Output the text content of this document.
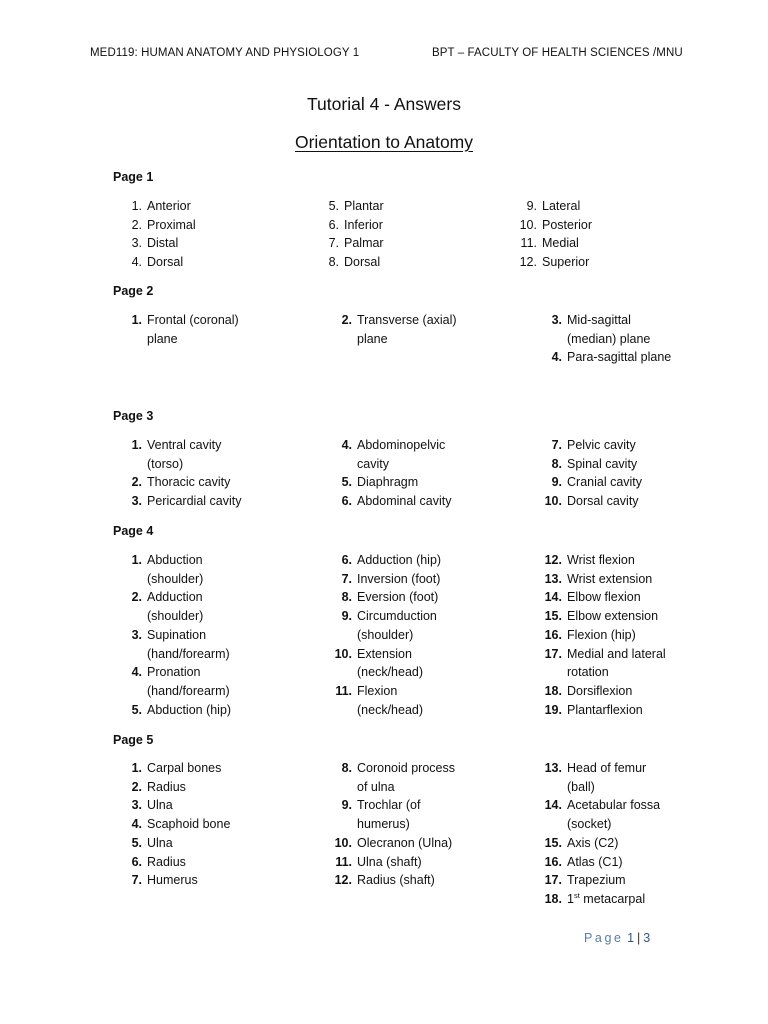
MED119: HUMAN ANATOMY AND PHYSIOLOGY 1	BPT – FACULTY OF HEALTH SCIENCES /MNU
Tutorial 4 - Answers
Orientation to Anatomy
Page 1
1. Anterior
2. Proximal
3. Distal
4. Dorsal
5. Plantar
6. Inferior
7. Palmar
8. Dorsal
9. Lateral
10. Posterior
11. Medial
12. Superior
Page 2
1. Frontal (coronal)
plane
2. Transverse (axial)
plane
3. Mid-sagittal
(median) plane
4. Para-sagittal plane
Page 3
1. Ventral cavity
(torso)
2. Thoracic cavity
3. Pericardial cavity
4. Abdominopelvic
cavity
5. Diaphragm
6. Abdominal cavity
7. Pelvic cavity
8. Spinal cavity
9. Cranial cavity
10. Dorsal cavity
Page 4
1. Abduction
(shoulder)
2. Adduction
(shoulder)
3. Supination
(hand/forearm)
4. Pronation
(hand/forearm)
5. Abduction (hip)
6. Adduction (hip)
7. Inversion (foot)
8. Eversion (foot)
9. Circumduction
(shoulder)
10. Extension
(neck/head)
11. Flexion
(neck/head)
12. Wrist flexion
13. Wrist extension
14. Elbow flexion
15. Elbow extension
16. Flexion (hip)
17. Medial and lateral
rotation
18. Dorsiflexion
19. Plantarflexion
Page 5
1. Carpal bones
2. Radius
3. Ulna
4. Scaphoid bone
5. Ulna
6. Radius
7. Humerus
8. Coronoid process
of ulna
9. Trochlar (of
humerus)
10. Olecranon (Ulna)
11. Ulna (shaft)
12. Radius (shaft)
13. Head of femur
(ball)
14. Acetabular fossa
(socket)
15. Axis (C2)
16. Atlas (C1)
17. Trapezium
18. 1st metacarpal
Page 1 | 3
